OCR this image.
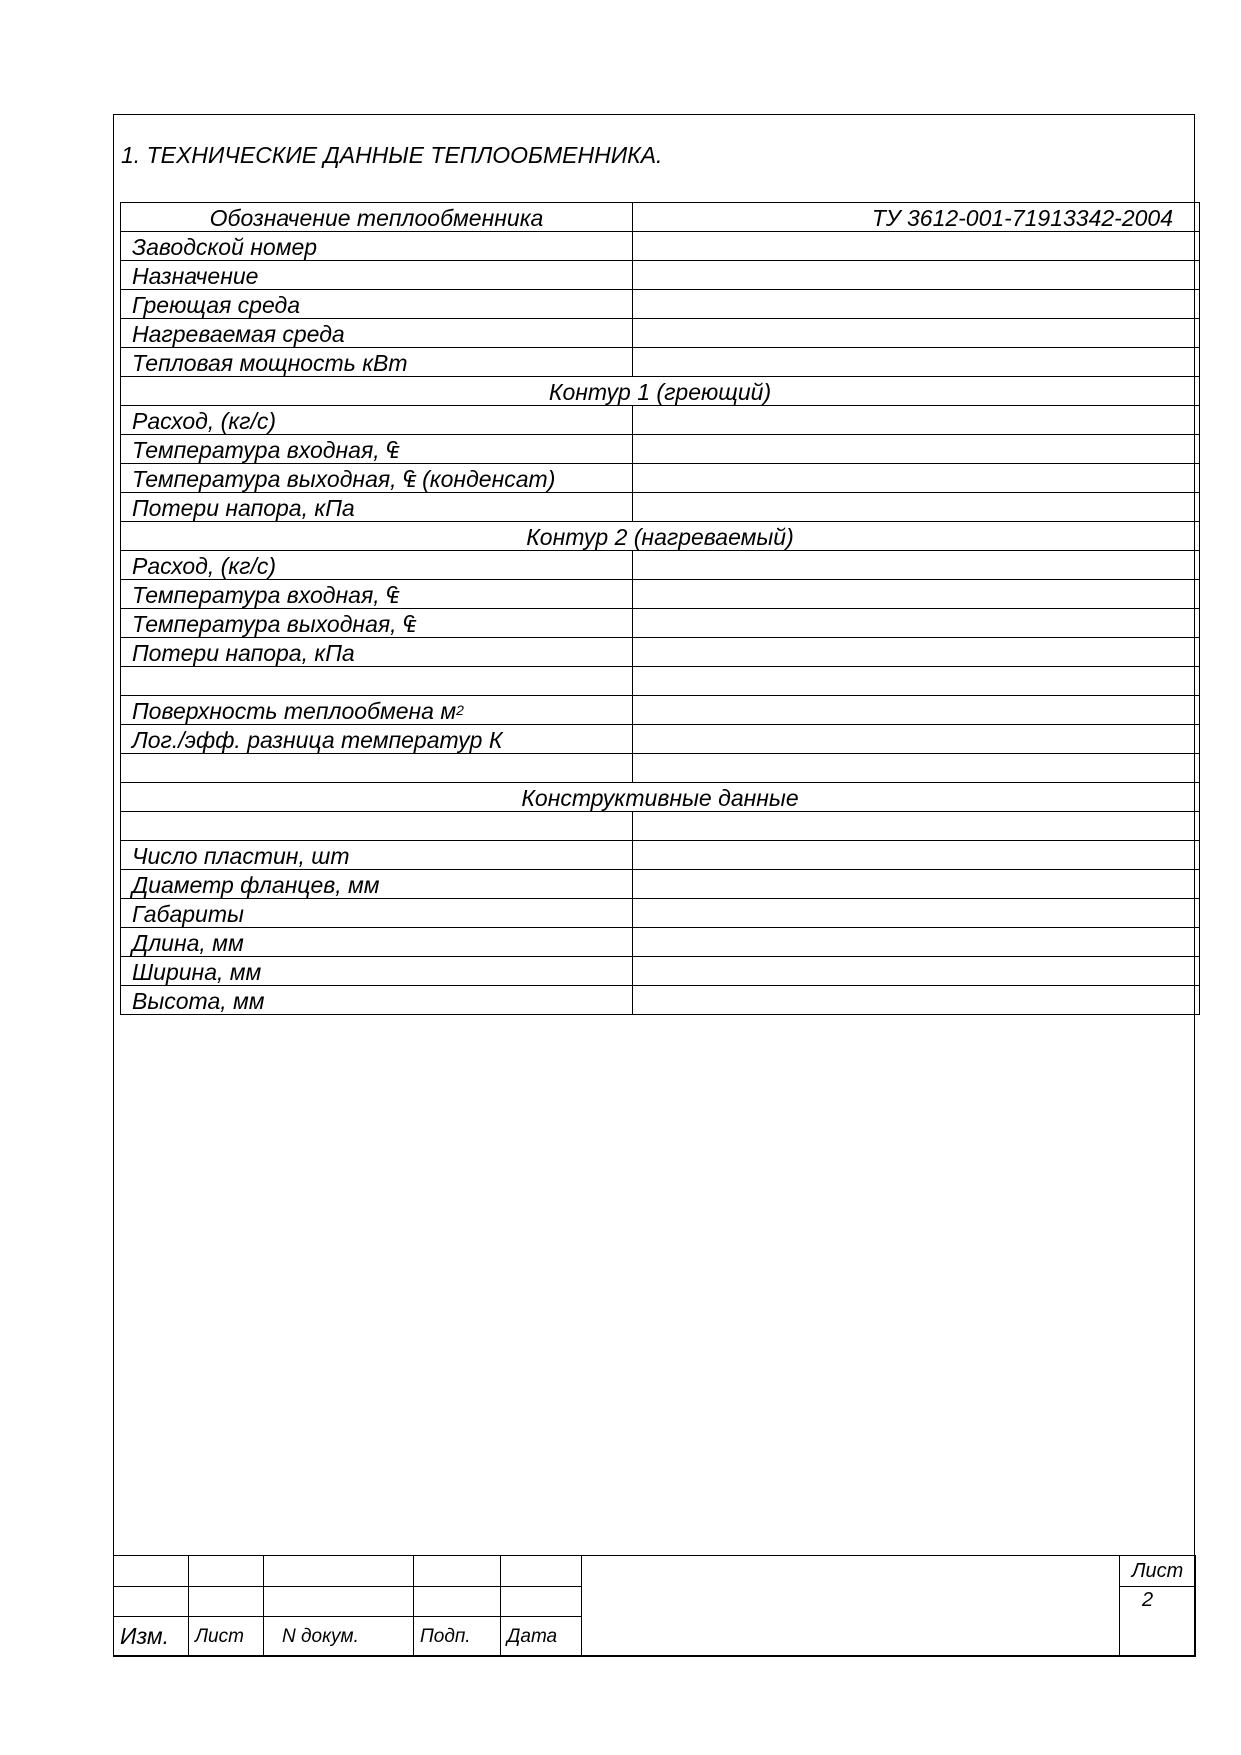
1. ТЕХНИЧЕСКИЕ ДАННЫЕ ТЕПЛООБМЕННИКА.
Обозначение теплообменника	ТУ 3612-001-71913342-2004
Заводской номер	
Назначение	
Греющая среда	
Нагреваемая среда	
Тепловая мощность кВт	
Контур 1 (греющий)	
Расход, (кг/с)	
Температура входная, ₠	
Температура выходная, ₠ (конденсат)	
Потери напора, кПа	
Контур 2 (нагреваемый)	
Расход, (кг/с)	
Температура входная, ₠	
Температура выходная, ₠	
Потери напора, кПа	

Поверхность теплообмена $м^2$	
Лог./эфф. разница температур К	

Конструктивные данные	

Число пластин, шт	
Диаметр фланцев, мм	
Габариты	
Длина, мм	
Ширина, мм	
Высота, мм	
						Лист
						2
Изм.	Лист	N докум.	Подп.	Дата		
